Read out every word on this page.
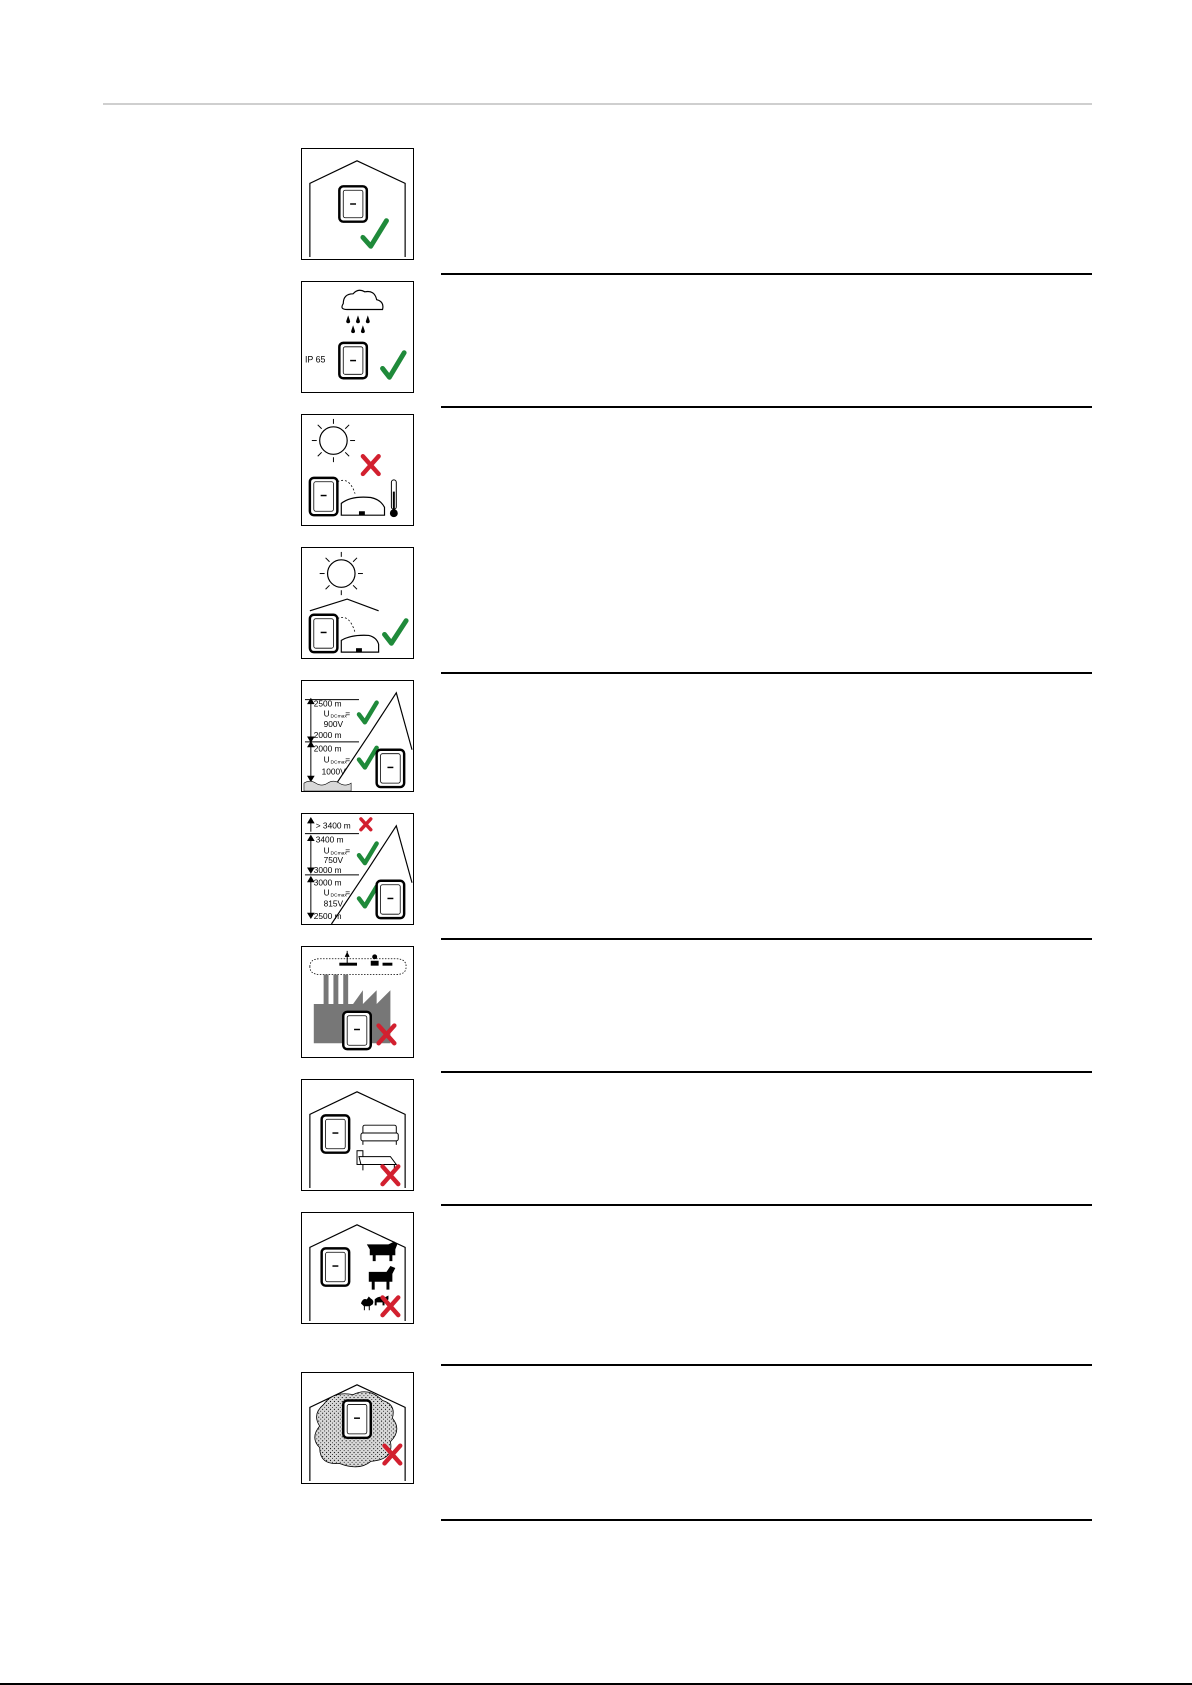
IP 65
2500 m
U DCmax
=
900V
2000 m
2000 m
U DCmax
=
1000V
> 3400 m
3400 m
U DCmax
=
750V
3000 m
3000 m
U DCmax
=
815V
2500 m
